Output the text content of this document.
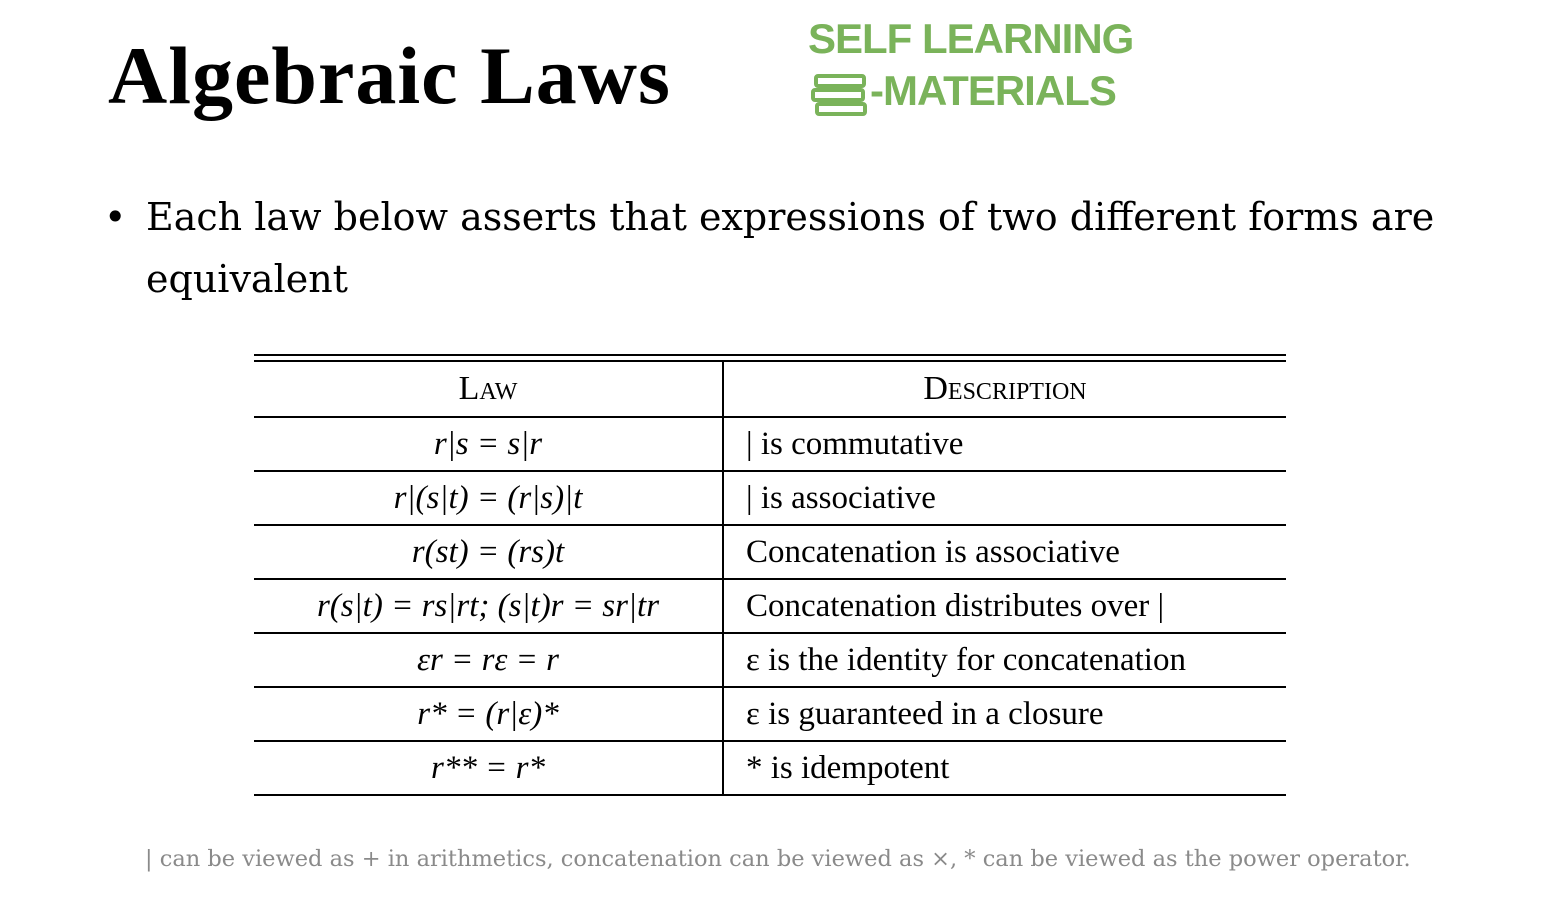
Algebraic Laws	SELF LEARNING
-MATERIALS
• Each law below asserts that expressions of two different forms are equivalent
Law	Description
r|s = s|r	| is commutative
r|(s|t) = (r|s)|t	| is associative
r(st) = (rs)t	Concatenation is associative
r(s|t) = rs|rt; (s|t)r = sr|tr	Concatenation distributes over |
εr = rε = r	ε is the identity for concatenation
r* = (r|ε)*	ε is guaranteed in a closure
r** = r*	* is idempotent
| can be viewed as + in arithmetics, concatenation can be viewed as ×, * can be viewed as the power operator.
